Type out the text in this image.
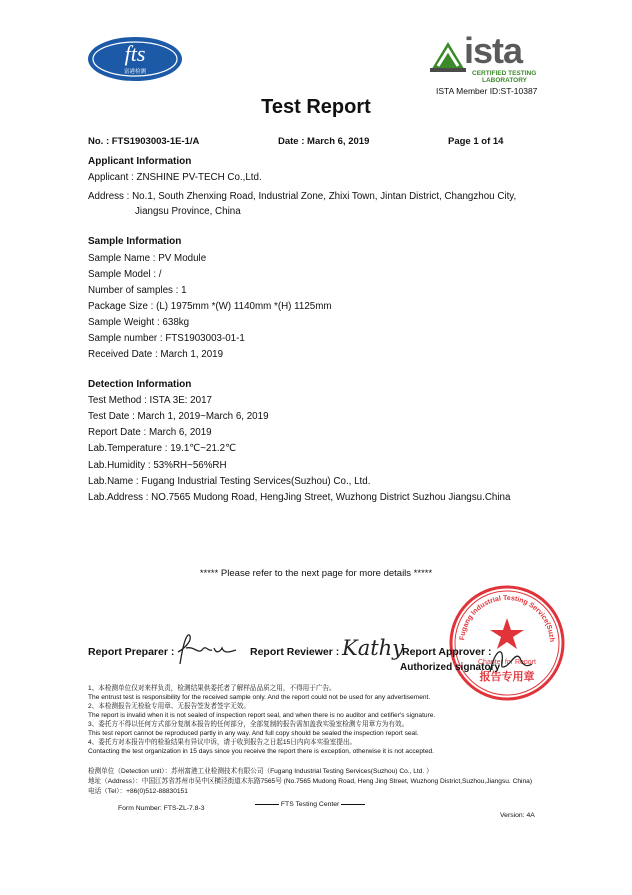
fts
富港检测
ista
CERTIFIED TESTING
LABORATORY
ISTA Member ID:ST-10387
Test Report
No. : FTS1903003-1E-1/A	Date : March 6, 2019	Page 1 of 14
Applicant Information
Applicant : ZNSHINE PV-TECH Co.,Ltd.
Address : No.1, South Zhenxing Road, Industrial Zone, Zhixi Town, Jintan District, Changzhou City,
Jiangsu Province, China
Sample Information
Sample Name : PV Module
Sample Model : /
Number of samples : 1
Package Size : (L) 1975mm *(W) 1140mm *(H) 1125mm
Sample Weight : 638kg
Sample number : FTS1903003-01-1
Received Date : March 1, 2019
Detection Information
Test Method : ISTA 3E: 2017
Test Date : March 1, 2019~March 6, 2019
Report Date : March 6, 2019
Lab.Temperature : 19.1℃~21.2℃
Lab.Humidity : 53%RH~56%RH
Lab.Name : Fugang Industrial Testing Services(Suzhou) Co., Ltd.
Lab.Address : NO.7565 Mudong Road, HengJing Street, Wuzhong District Suzhou Jiangsu.China
***** Please refer to the next page for more details *****
Fugang Industrial Testing Service(Suzh
Chapter for Report
报告专用章
Report Preparer :	Report Reviewer : Kathy
Report Approver :
Authorized signatory
1、本检测单位仅对来样负责，检测结果供委托者了解样品品质之用，不得用于广告。
The entrust test is responsibility for the received sample only. And the report could not be used for any advertisement.
2、本检测报告无检验专用章、无报告签发者签字无效。
The report is invalid when it is not sealed of inspection report seal, and when there is no auditor and cetifier's signature.
3、委托方不得以任何方式部分复制本报告的任何部分，全部复制的报告需加盖我实验室检测专用章方为有效。
This test report cannot be reproduced partly in any way. And full copy should be sealed the inspection report seal.
4、委托方对本报告中的检验结果有异议申诉，请于收到报告之日起15日内向本实验室提出。
Contacting the test organization in 15 days since you receive the report there is exception, otherwise it is not accepted.
检测单位（Detection unit）：苏州富港工业检测技术有限公司（Fugang Industrial Testing Services(Suzhou) Co., Ltd. ）
地址（Address）：中国江苏省苏州市吴中区横泾街道木东路7565号 (No.7565 Mudong Road, Heng Jing Street, Wuzhong District,Suzhou,Jiangsu. China)
电话（Tel）：+86(0)512-88830151
Form Number: FTS-ZL-7.8-3
FTS Testing Center
Version: 4A
